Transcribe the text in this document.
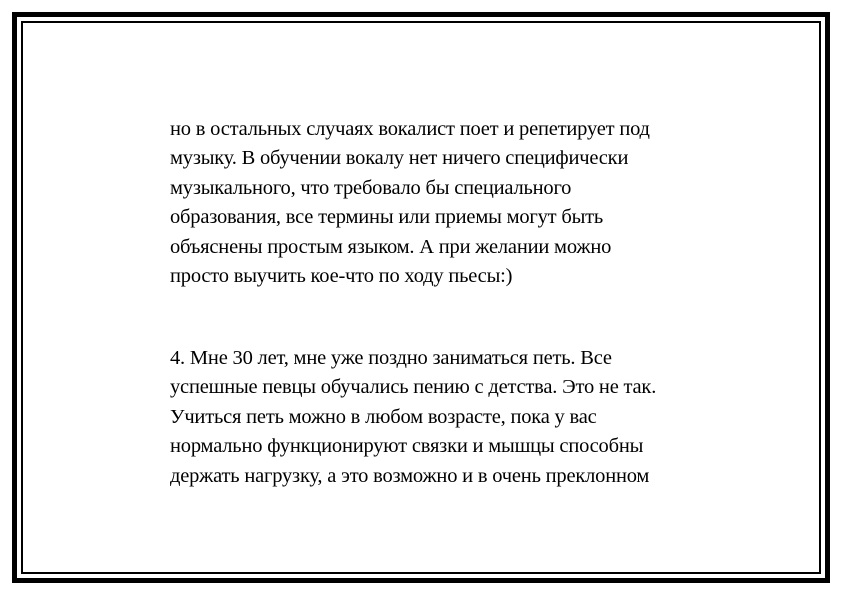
но в остальных случаях вокалист поет и репетирует под
музыку. В обучении вокалу нет ничего специфически
музыкального, что требовало бы специального
образования, все термины или приемы могут быть
объяснены простым языком. А при желании можно
просто выучить кое-что по ходу пьесы:)
4. Мне 30 лет, мне уже поздно заниматься петь. Все
успешные певцы обучались пению с детства. Это не так.
Учиться петь можно в любом возрасте, пока у вас
нормально функционируют связки и мышцы способны
держать нагрузку, а это возможно и в очень преклонном
